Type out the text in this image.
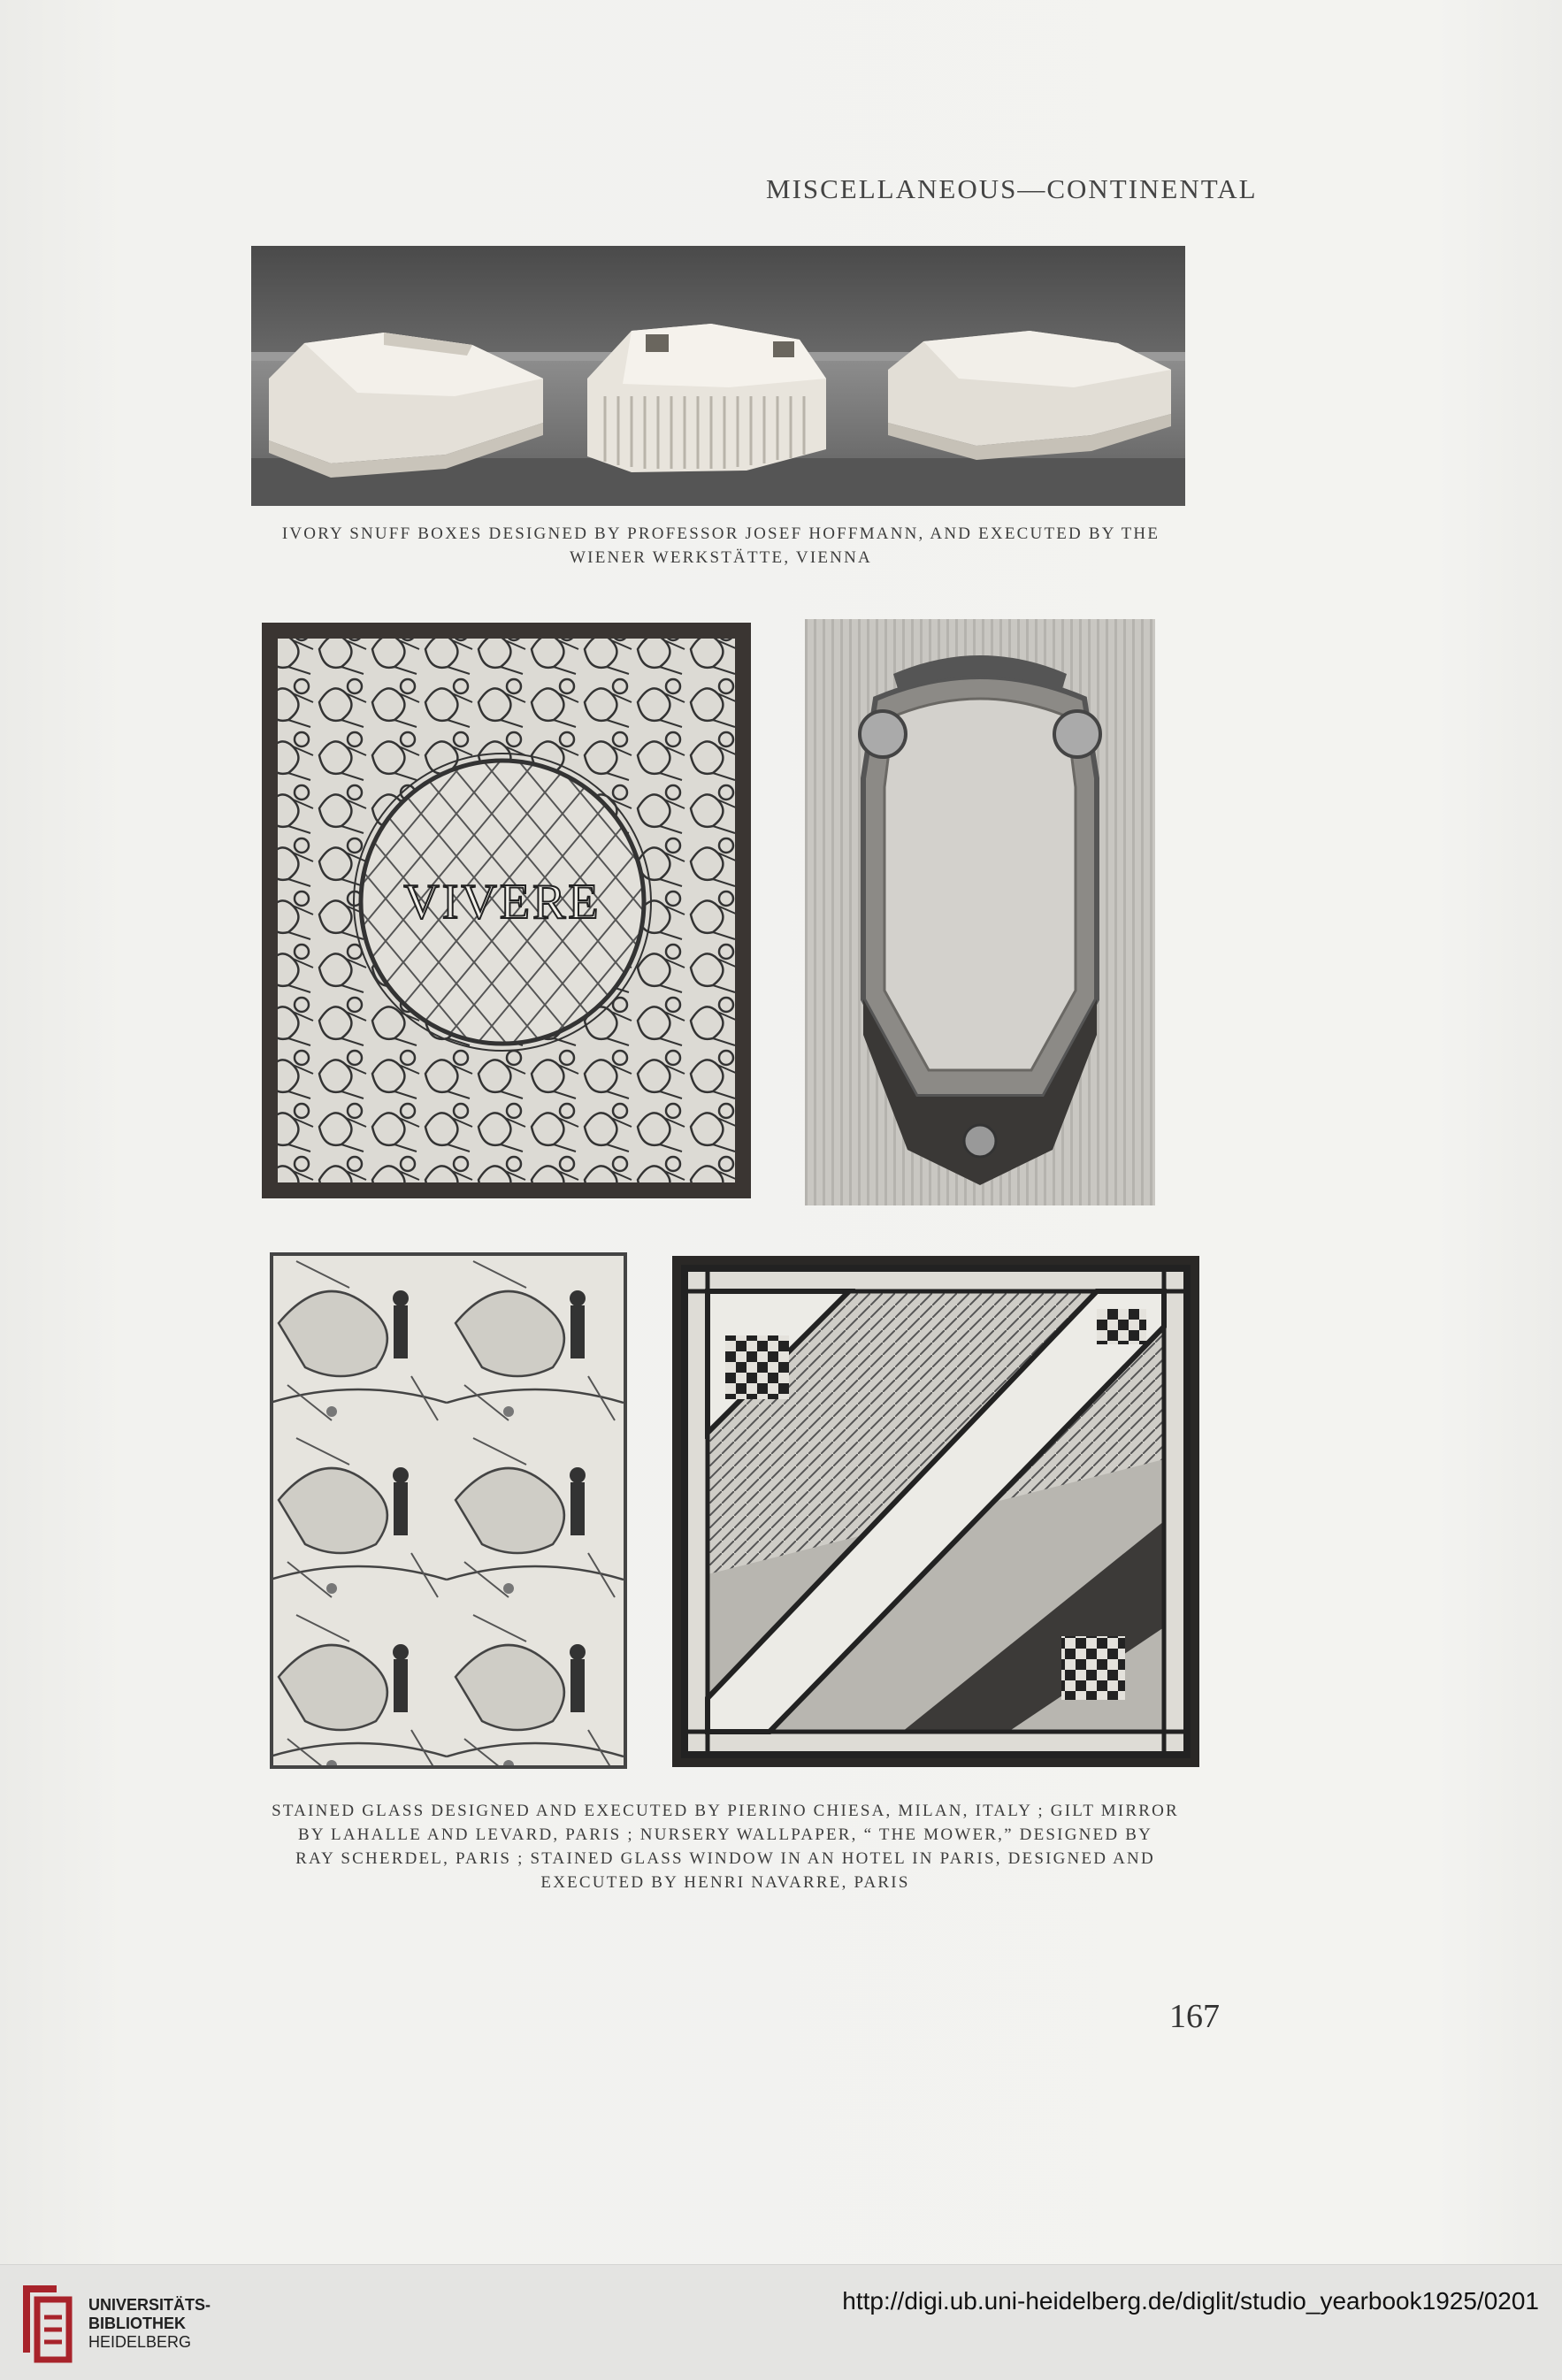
MISCELLANEOUS—CONTINENTAL
IVORY SNUFF BOXES DESIGNED BY PROFESSOR JOSEF HOFFMANN, AND EXECUTED BY THE
WIENER WERKSTÄTTE, VIENNA
VIVERE
STAINED GLASS DESIGNED AND EXECUTED BY PIERINO CHIESA, MILAN, ITALY ; GILT MIRROR
BY LAHALLE AND LEVARD, PARIS ; NURSERY WALLPAPER, “ THE MOWER,” DESIGNED BY
RAY SCHERDEL, PARIS ; STAINED GLASS WINDOW IN AN HOTEL IN PARIS, DESIGNED AND
EXECUTED BY HENRI NAVARRE, PARIS
167
UNIVERSITÄTS-
BIBLIOTHEK
HEIDELBERG
http://digi.ub.uni-heidelberg.de/diglit/studio_yearbook1925/0201
